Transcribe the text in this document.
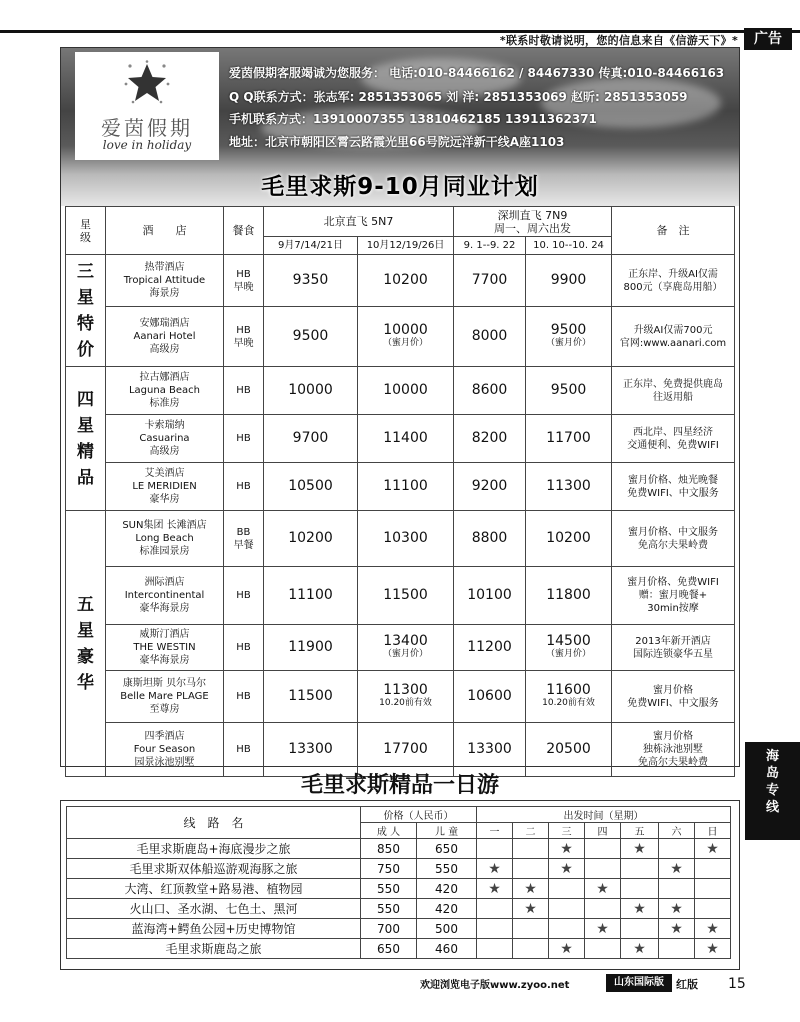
*联系时敬请说明，您的信息来自《信游天下》*	广告
爱茵假期
love in holiday
爱茵假期客服竭诚为您服务： 电话:010-84466162 / 84467330 传真:010-84466163
Q Q联系方式：张志军: 2851353065 刘 洋: 2851353069 赵昕: 2851353059
手机联系方式：13910007355 13810462185 13911362371
地址：北京市朝阳区霄云路霞光里66号院远洋新干线A座1103
毛里求斯9-10月同业计划
星
级	酒　　店	餐食	北京直飞 5N7		深圳直飞 7N9
周一、周六出发		备　注
			9月7/14/21日	10月12/19/26日	9. 1--9. 22	10. 10--10. 24	

三
星
特
价	热带酒店
Tropical Attitude
海景房	HB
早晚	9350	10200	7700	9900	正东岸、升级AI仅需
800元（享鹿岛用船）

	安娜瑞酒店
Aanari Hotel
高级房	HB
早晚	9500	10000
（蜜月价）	8000	9500
（蜜月价）	升级AI仅需700元
官网:www.aanari.com

四
星
精
品	拉古娜酒店
Laguna Beach
标准房	HB	10000	10000	8600	9500	正东岸、免费提供鹿岛
往返用船

	卡索瑞纳
Casuarina
高级房	HB	9700	11400	8200	11700	西北岸、四星经济
交通便利、免费WIFI

	艾美酒店
LE MERIDIEN
豪华房	HB	10500	11100	9200	11300	蜜月价格、烛光晚餐
免费WIFI、中文服务

五
星
豪
华	SUN集团 长滩酒店
Long Beach
标准园景房	BB
早餐	10200	10300	8800	10200	蜜月价格、中文服务
免高尔夫果岭费

	洲际酒店
Intercontinental
豪华海景房	HB	11100	11500	10100	11800	蜜月价格、免费WIFI
赠：蜜月晚餐+
30min按摩

	威斯汀酒店
THE WESTIN
豪华海景房	HB	11900	13400
（蜜月价）	11200	14500
（蜜月价）	2013年新开酒店
国际连锁豪华五星

	康斯坦斯 贝尔马尔
Belle Mare PLAGE
至尊房	HB	11500	11300
10.20前有效	10600	11600
10.20前有效	蜜月价格
免费WIFI、中文服务

	四季酒店
Four Season
园景泳池别墅	HB	13300	17700	13300	20500	蜜月价格
独栋泳池别墅
免高尔夫果岭费
毛里求斯精品一日游
线　路　名	价格（人民币）		出发时间（星期）						
	成 人	儿 童	一	二	三	四	五	六	日
毛里求斯鹿岛+海底漫步之旅	850	650			★		★		★
毛里求斯双体船巡游观海豚之旅	750	550	★		★			★	
大湾、红顶教堂+路易港、植物园	550	420	★	★		★			
火山口、圣水湖、七色土、黑河	550	420		★			★	★	
蓝海湾+鳄鱼公园+历史博物馆	700	500				★		★	★
毛里求斯鹿岛之旅	650	460			★		★		★
海
岛
专
线
欢迎浏览电子版www.zyoo.net	山东国际版	红版 15
